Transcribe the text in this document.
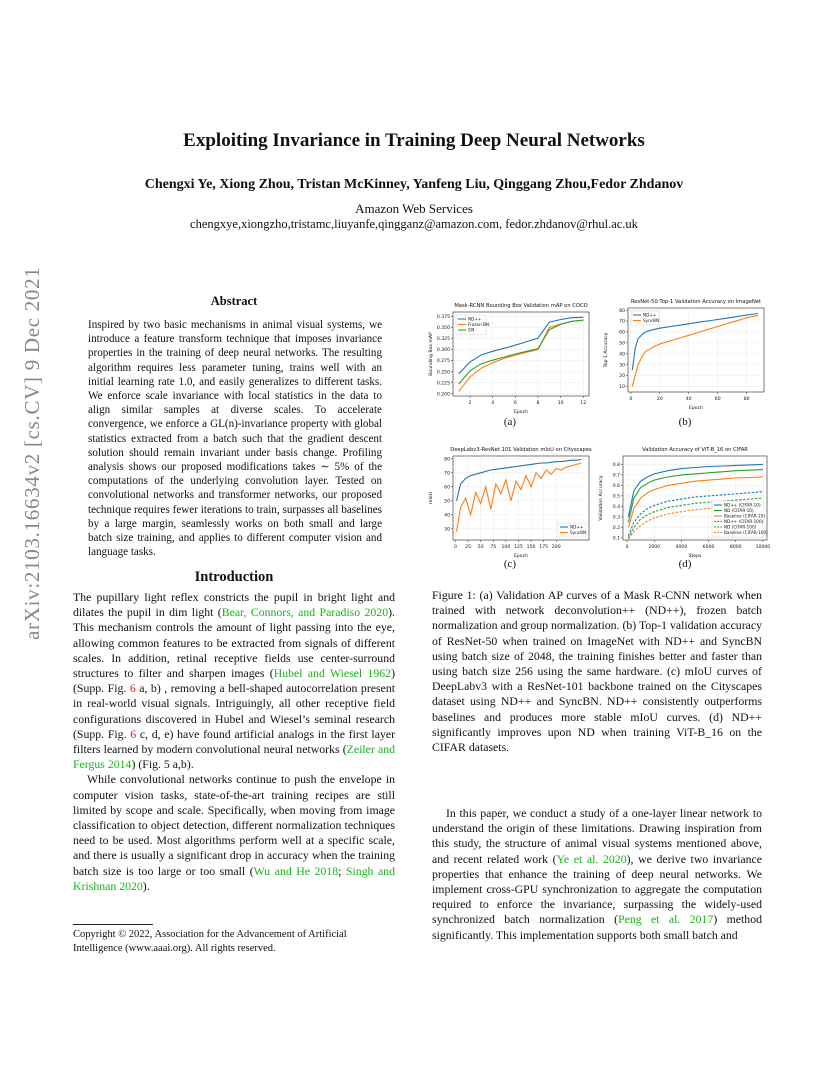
arXiv:2103.16634v2 [cs.CV] 9 Dec 2021
Exploiting Invariance in Training Deep Neural Networks
Chengxi Ye, Xiong Zhou, Tristan McKinney, Yanfeng Liu, Qinggang Zhou,Fedor Zhdanov
Amazon Web Services
chengxye,xiongzho,tristamc,liuyanfe,qingganz@amazon.com, fedor.zhdanov@rhul.ac.uk
Abstract
Inspired by two basic mechanisms in animal visual systems, we introduce a feature transform technique that imposes invariance properties in the training of deep neural networks. The resulting algorithm requires less parameter tuning, trains well with an initial learning rate 1.0, and easily generalizes to different tasks. We enforce scale invariance with local statistics in the data to align similar samples at diverse scales. To accelerate convergence, we enforce a GL(n)-invariance property with global statistics extracted from a batch such that the gradient descent solution should remain invariant under basis change. Profiling analysis shows our proposed modifications takes ∼ 5% of the computations of the underlying convolution layer. Tested on convolutional networks and transformer networks, our proposed technique requires fewer iterations to train, surpasses all baselines by a large margin, seamlessly works on both small and large batch size training, and applies to different computer vision and language tasks.
Introduction

The pupillary light reflex constricts the pupil in bright light and dilates the pupil in dim light (Bear, Connors, and Paradiso 2020). This mechanism controls the amount of light passing into the eye, allowing common features to be extracted from signals of different scales. In addition, retinal receptive fields use center-surround structures to filter and sharpen images (Hubel and Wiesel 1962) (Supp. Fig. 6 a, b) , removing a bell-shaped autocorrelation present in real-world visual signals. Intriguingly, all other receptive field configurations discovered in Hubel and Wiesel’s seminal research (Supp. Fig. 6 c, d, e) have found artificial analogs in the first layer filters learned by modern convolutional neural networks (Zeiler and Fergus 2014) (Fig. 5 a,b).

While convolutional networks continue to push the envelope in computer vision tasks, state-of-the-art training recipes are still limited by scope and scale. Specifically, when moving from image classification to object detection, different normalization techniques need to be used. Most algorithms perform well at a specific scale, and there is usually a significant drop in accuracy when the training batch size is too large or too small (Wu and He 2018; Singh and Krishnan 2020).

Copyright © 2022, Association for the Advancement of Artificial Intelligence (www.aaai.org). All rights reserved.
Mask-RCNN Bounding Box Validation mAP on COCO
2	4	6	8	10	12
0.200
0.225
0.250
0.275
0.300
0.325
0.350
0.375
Epoch
Bounding Box mAP
ND++
Frozen BN
GN
(a)
ResNet-50 Top-1 Validation Accuracy on ImageNet
0	20	40	60	80
10
20
30
40
50
60
70
80
Epoch
Top-1 Accuracy
ND++
SyncBN
(b)
DeepLabv3-ResNet 101 Validation mIoU on Cityscapes
0 25 50 75 100 125 150 175 200
30
40
50
60
70
80
Epoch
mIoU
ND++
SyncBN
(c)
Validation Accuracy of ViT-B_16 on CIFAR
0	2000	4000	6000	8000	10000
0.1
0.2
0.3
0.4
0.5
0.6
0.7
0.8
Steps
Validation Accuracy	ND++ (CIFAR-10)
ND (CIFAR-10)
Baseline (CIFAR-10)
ND++ (CIFAR-100)
ND (CIFAR-100)
Baseline (CIFAR-100)
(d)
Figure 1: (a) Validation AP curves of a Mask R-CNN network when trained with network deconvolution++ (ND++), frozen batch normalization and group normalization. (b) Top-1 validation accuracy of ResNet-50 when trained on ImageNet with ND++ and SyncBN using batch size of 2048, the training finishes better and faster than using batch size 256 using the same hardware. (c) mIoU curves of DeepLabv3 with a ResNet-101 backbone trained on the Cityscapes dataset using ND++ and SyncBN. ND++ consistently outperforms baselines and produces more stable mIoU curves. (d) ND++ significantly improves upon ND when training ViT-B_16 on the CIFAR datasets.

In this paper, we conduct a study of a one-layer linear network to understand the origin of these limitations. Drawing inspiration from this study, the structure of animal visual systems mentioned above, and recent related work (Ye et al. 2020), we derive two invariance properties that enhance the training of deep neural networks. We implement cross-GPU synchronization to aggregate the computation required to enforce the invariance, surpassing the widely-used synchronized batch normalization (Peng et al. 2017) method significantly. This implementation supports both small batch and
